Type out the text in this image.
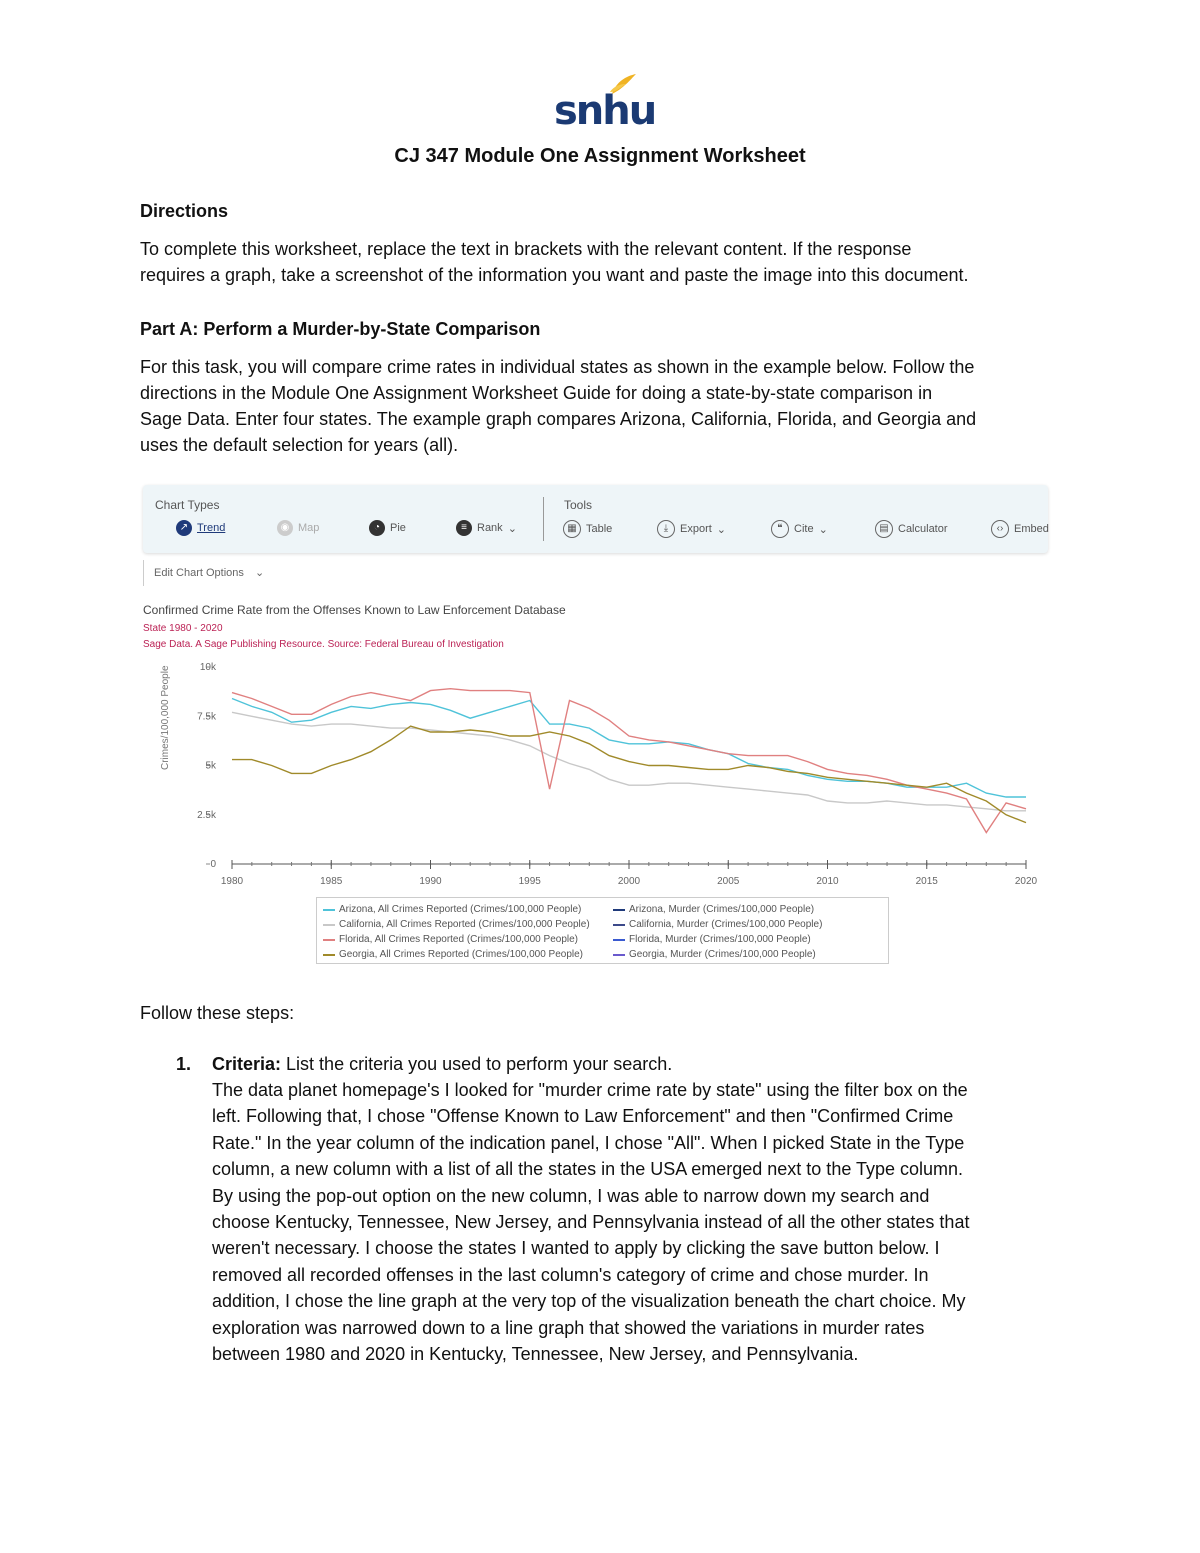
snhu
CJ 347 Module One Assignment Worksheet
Directions
To complete this worksheet, replace the text in brackets with the relevant content. If the response
requires a graph, take a screenshot of the information you want and paste the image into this document.
Part A: Perform a Murder-by-State Comparison
For this task, you will compare crime rates in individual states as shown in the example below. Follow the
directions in the Module One Assignment Worksheet Guide for doing a state-by-state comparison in
Sage Data. Enter four states. The example graph compares Arizona, California, Florida, and Georgia and
uses the default selection for years (all).
Chart Types	Tools
↗ Trend	◉ Map	◔ Pie	≡ Rank ⌄	▦ Table	⤓	Export ⌄	❝	Cite ⌄	▤ Calculator	‹› Embed
Edit Chart Options ⌄
Confirmed Crime Rate from the Offenses Known to Law Enforcement Database
State 1980 - 2020
Sage Data. A Sage Publishing Resource. Source: Federal Bureau of Investigation
Crimes/100,000 People
1980	1985	1990	1995	2000	2005	2010	2015	2020
0
2.5k
5k
7.5k
10k
Arizona, All Crimes Reported (Crimes/100,000 People)
California, All Crimes Reported (Crimes/100,000 People)
Florida, All Crimes Reported (Crimes/100,000 People)
Georgia, All Crimes Reported (Crimes/100,000 People)
Arizona, Murder (Crimes/100,000 People)
California, Murder (Crimes/100,000 People)
Florida, Murder (Crimes/100,000 People)
Georgia, Murder (Crimes/100,000 People)
Follow these steps:
1.	Criteria: List the criteria you used to perform your search.
The data planet homepage's I looked for "murder crime rate by state" using the filter box on the
left. Following that, I chose "Offense Known to Law Enforcement" and then "Confirmed Crime
Rate." In the year column of the indication panel, I chose "All". When I picked State in the Type
column, a new column with a list of all the states in the USA emerged next to the Type column.
By using the pop-out option on the new column, I was able to narrow down my search and
choose Kentucky, Tennessee, New Jersey, and Pennsylvania instead of all the other states that
weren't necessary. I choose the states I wanted to apply by clicking the save button below. I
removed all recorded offenses in the last column's category of crime and chose murder. In
addition, I chose the line graph at the very top of the visualization beneath the chart choice. My
exploration was narrowed down to a line graph that showed the variations in murder rates
between 1980 and 2020 in Kentucky, Tennessee, New Jersey, and Pennsylvania.
